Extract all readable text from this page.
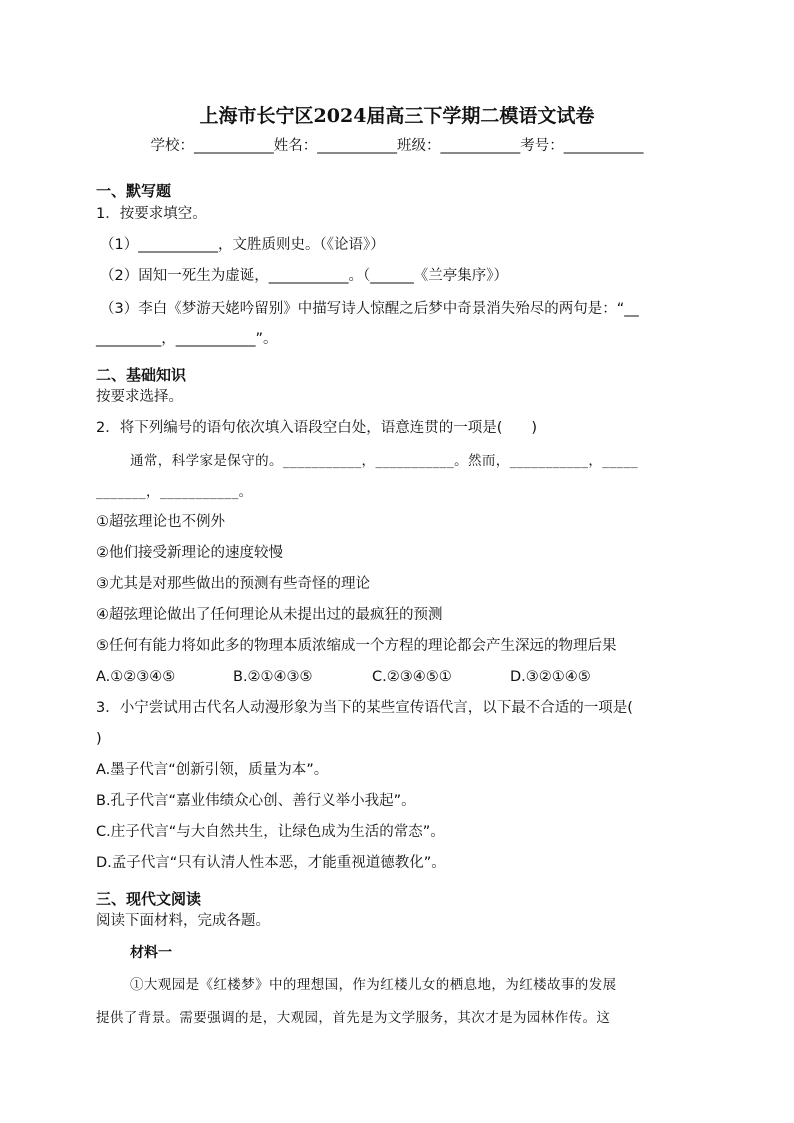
上海市长宁区2024届高三下学期二模语文试卷
学校：___________姓名：___________班级：___________考号：___________
一、默写题
1．按要求填空。
（1）___________，文胜质则史。（《论语》）
（2）固知一死生为虚诞，___________。（______《兰亭集序》）
（3）李白《梦游天姥吟留别》中描写诗人惊醒之后梦中奇景消失殆尽的两句是：“__
_________，___________”。
二、基础知识
按要求选择。
2．将下列编号的语句依次填入语段空白处，语意连贯的一项是(　　)
通常，科学家是保守的。___________，___________。然而，___________，_____
_______，___________。
①超弦理论也不例外
②他们接受新理论的速度较慢
③尤其是对那些做出的预测有些奇怪的理论
④超弦理论做出了任何理论从未提出过的最疯狂的预测
⑤任何有能力将如此多的物理本质浓缩成一个方程的理论都会产生深远的物理后果
A.①②③④⑤	B.②①④③⑤	C.②③④⑤①	D.③②①④⑤
3．小宁尝试用古代名人动漫形象为当下的某些宣传语代言，以下最不合适的一项是(
)
A.墨子代言“创新引领，质量为本”。
B.孔子代言“嘉业伟绩众心创、善行义举小我起”。
C.庄子代言“与大自然共生，让绿色成为生活的常态”。
D.孟子代言“只有认清人性本恶，才能重视道德教化”。
三、现代文阅读
阅读下面材料，完成各题。
材料一
①大观园是《红楼梦》中的理想国，作为红楼儿女的栖息地，为红楼故事的发展
提供了背景。需要强调的是，大观园，首先是为文学服务，其次才是为园林作传。这
